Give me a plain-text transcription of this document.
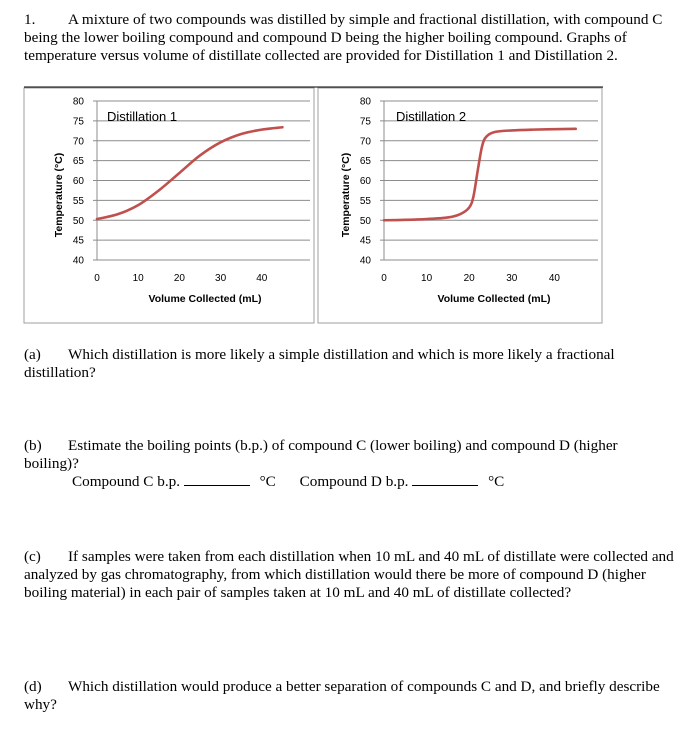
1. A mixture of two compounds was distilled by simple and fractional distillation, with compound C being the lower boiling compound and compound D being the higher boiling compound. Graphs of temperature versus volume of distillate collected are provided for Distillation 1 and Distillation 2.
40
45
50
55
60
65
70
75
80
0	10	20	30	40
Distillation 1
Temperature (°C)
Volume Collected (mL)
40
45
50
55
60
65
70
75
80
0	10	20	30	40
Distillation 2
Temperature (°C)
Volume Collected (mL)
(a) Which distillation is more likely a simple distillation and which is more likely a fractional distillation?
(b) Estimate the boiling points (b.p.) of compound C (lower boiling) and compound D (higher boiling)?
Compound C b.p.	°C Compound D b.p.	°C
(c) If samples were taken from each distillation when 10 mL and 40 mL of distillate were collected and analyzed by gas chromatography, from which distillation would there be more of compound D (higher boiling material) in each pair of samples taken at 10 mL and 40 mL of distillate collected?
(d) Which distillation would produce a better separation of compounds C and D, and briefly describe why?
